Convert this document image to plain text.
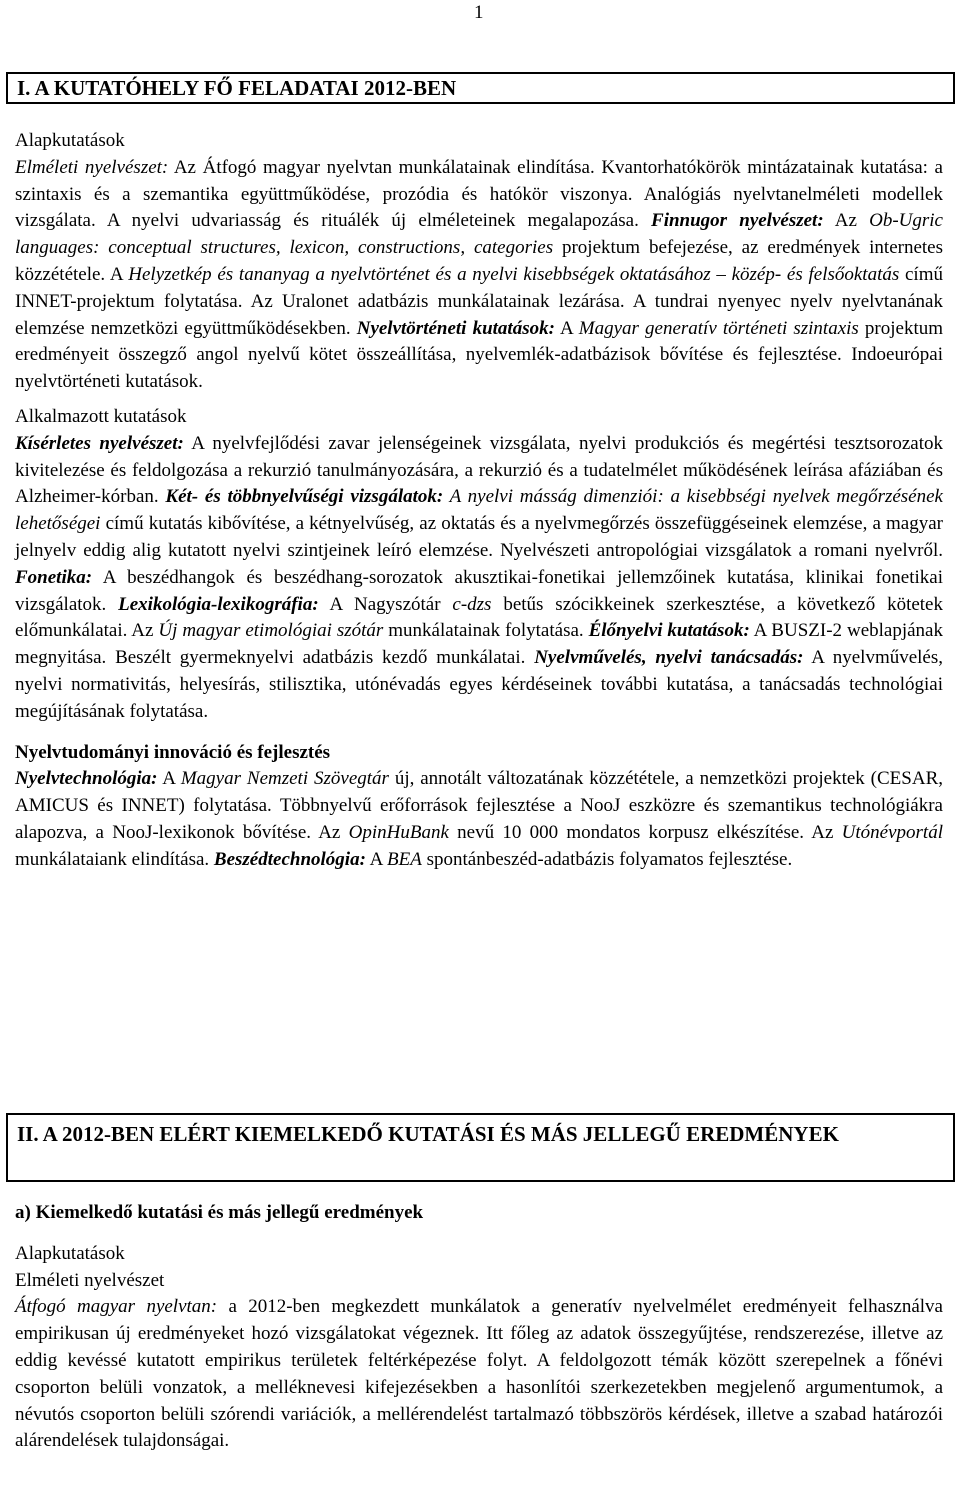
1
I. A KUTATÓHELY FŐ FELADATAI 2012-BEN
Alapkutatások

Elméleti nyelvészet: Az Átfogó magyar nyelvtan munkálatainak elindítása. Kvantorhatókörök mintázatainak kutatása: a szintaxis és a szemantika együttműködése, prozódia és hatókör viszonya. Analógiás nyelvtanelméleti modellek vizsgálata. A nyelvi udvariasság és rituálék új elméleteinek megalapozása. Finnugor nyelvészet: Az Ob-Ugric languages: conceptual structures, lexicon, constructions, categories projektum befejezése, az eredmények internetes közzététele. A Helyzetkép és tananyag a nyelvtörténet és a nyelvi kisebbségek oktatásához – közép- és felsőoktatás című INNET-projektum folytatása. Az Uralonet adatbázis munkálatainak lezárása. A tundrai nyenyec nyelv nyelvtanának elemzése nemzetközi együttműködésekben. Nyelvtörténeti kutatások: A Magyar generatív történeti szintaxis projektum eredményeit összegző angol nyelvű kötet összeállítása, nyelvemlék-adatbázisok bővítése és fejlesztése. Indoeurópai nyelvtörténeti kutatások.

Alkalmazott kutatások

Kísérletes nyelvészet: A nyelvfejlődési zavar jelenségeinek vizsgálata, nyelvi produkciós és megértési tesztsorozatok kivitelezése és feldolgozása a rekurzió tanulmányozására, a rekurzió és a tudatelmélet működésének leírása afáziában és Alzheimer-kórban. Két- és többnyelvűségi vizsgálatok: A nyelvi másság dimenziói: a kisebbségi nyelvek megőrzésének lehetőségei című kutatás kibővítése, a kétnyelvűség, az oktatás és a nyelvmegőrzés összefüggéseinek elemzése, a magyar jelnyelv eddig alig kutatott nyelvi szintjeinek leíró elemzése. Nyelvészeti antropológiai vizsgálatok a romani nyelvről. Fonetika: A beszédhangok és beszédhang-sorozatok akusztikai-fonetikai jellemzőinek kutatása, klinikai fonetikai vizsgálatok. Lexikológia-lexikográfia: A Nagyszótár c-dzs betűs szócikkeinek szerkesztése, a következő kötetek előmunkálatai. Az Új magyar etimológiai szótár munkálatainak folytatása. Élőnyelvi kutatások: A BUSZI-2 weblapjának megnyitása. Beszélt gyermeknyelvi adatbázis kezdő munkálatai. Nyelvművelés, nyelvi tanácsadás: A nyelvművelés, nyelvi normativitás, helyesírás, stilisztika, utónévadás egyes kérdéseinek további kutatása, a tanácsadás technológiai megújításának folytatása.

Nyelvtudományi innováció és fejlesztés

Nyelvtechnológia: A Magyar Nemzeti Szövegtár új, annotált változatának közzététele, a nemzetközi projektek (CESAR, AMICUS és INNET) folytatása. Többnyelvű erőforrások fejlesztése a NooJ eszközre és szemantikus technológiákra alapozva, a NooJ-lexikonok bővítése. Az OpinHuBank nevű 10 000 mondatos korpusz elkészítése. Az Utónévportál munkálataiank elindítása. Beszédtechnológia: A BEA spontánbeszéd-adatbázis folyamatos fejlesztése.

II. A 2012-BEN ELÉRT KIEMELKEDŐ KUTATÁSI ÉS MÁS JELLEGŰ EREDMÉNYEK
a) Kiemelkedő kutatási és más jellegű eredmények
Alapkutatások
Elméleti nyelvészet

Átfogó magyar nyelvtan: a 2012-ben megkezdett munkálatok a generatív nyelvelmélet eredményeit felhasználva empirikusan új eredményeket hozó vizsgálatokat végeznek. Itt főleg az adatok összegyűjtése, rendszerezése, illetve az eddig kevéssé kutatott empirikus területek feltérképezése folyt. A feldolgozott témák között szerepelnek a főnévi csoporton belüli vonzatok, a melléknevesi kifejezésekben a hasonlítói szerkezetekben megjelenő argumentumok, a névutós csoporton belüli szórendi variációk, a mellérendelést tartalmazó többszörös kérdések, illetve a szabad határozói alárendelések tulajdonságai.
